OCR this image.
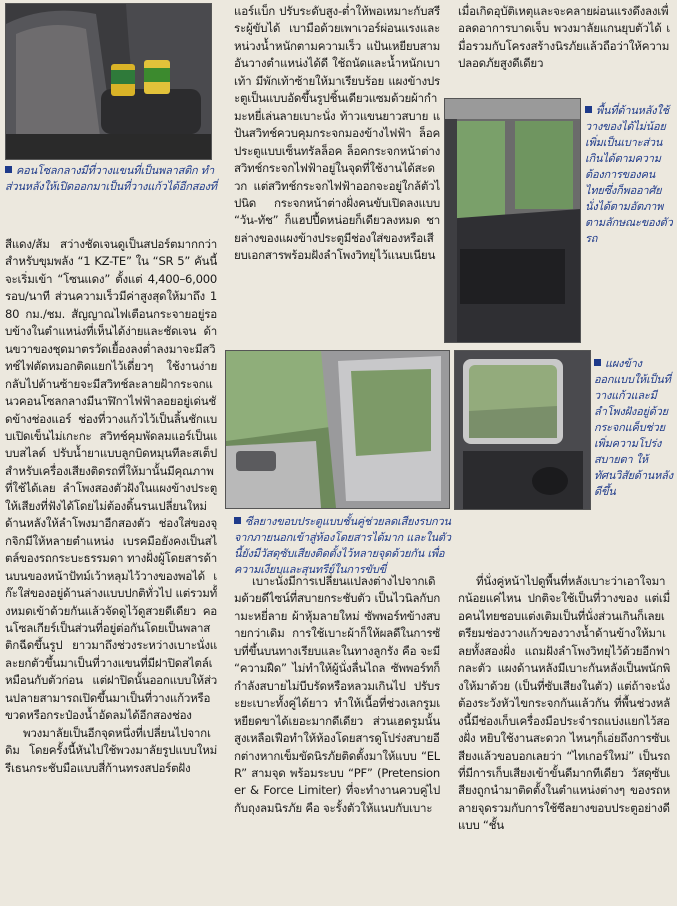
คอนโซลกลางมีที่วางแขนที่เป็นพลาสติก ทำส่วนหลังให้เปิดออกมาเป็นที่วางแก้วได้อีกสองที่
พื้นที่ด้านหลังใช้วางของได้ไม่น้อย เพิ่มเป็นเบาะส่วนเกินได้ตามความต้องการของคนไทยซึ่งก็พออาศัยนั่งได้ตามอัตภาพตามลักษณะของตัวรถ
แผงข้างออกแบบให้เป็นที่วางแก้วและมีลำโพงฝังอยู่ด้วยกระจกแค็บช่วยเพิ่มความโปร่งสบายตา ให้ทัศนวิสัยด้านหลังดีขึ้น
ซีลยางขอบประตูแบบชั้นคู่ช่วยลดเสียงรบกวนจากภายนอกเข้าสู่ห้องโดยสารได้มาก และในตัวนี้ยังมีวัสดุซับเสียงติดตั้งไว้หลายจุดด้วยกัน เพื่อความเงียบและสุนทรีย์ในการขับขี่

สีแดง/ส้ม สว่างชัดเจนดูเป็นสปอร์ตมากกว่า สำหรับขุมพลัง “1 KZ-TE” ใน “SR 5” คันนี้จะเริ่มเข้า “โซนแดง” ตั้งแต่ 4,400–6,000 รอบ/นาที ส่วนความเร็วมีค่าสูงสุดให้มาถึง 180 กม./ชม. สัญญาณไฟเตือนกระจายอยู่รอบข้างในตำแหน่งที่เห็นได้ง่ายและชัดเจน ด้านขวาของชุดมาตรวัดเยื้องลงต่ำลงมาจะมีสวิทช์ไฟตัดหมอกติดแยกไว้เดี่ยวๆ ใช้งานง่าย กลับไปด้านซ้ายจะมีสวิทช์ละลายฝ้ากระจกแนวคอนโซลกลางมีนาฬิกาไฟฟ้าลอยอยู่เด่นชัดข้างช่องแอร์ ช่องที่วางแก้วไว้เป็นลิ้นชักแบบเปิดเข็นไม่เกะกะ สวิทช์คุมพัดลมแอร์เป็นแบบสไลด์ ปรับน้ำยาแบบลูกบิดหมุนทีละสเต็ป สำหรับเครื่องเสียงติดรถที่ให้มานั้นมีคุณภาพที่ใช้ได้เลย ลำโพงสองตัวฝังในแผงข้างประตูให้เสียงที่ฟังได้โดยไม่ต้องดิ้นรนเปลี่ยนใหม่ ด้านหลังให้ลำโพงมาอีกสองตัว ช่องใส่ของจุกจิกมีให้หลายตำแหน่ง เบรคมือยังคงเป็นสไตล์ของรถกระบะธรรมดา ทางฝั่งผู้โดยสารด้านบนของหน้าปัทม์เว้าหลุมไว้วางของพอได้ เก๊ะใส่ของอยู่ด้านล่างแบบปกติทั่วไป แต่รวมทั้งหมดเข้าด้วยกันแล้วจัดดูไว้ดูสวยดีเดียว คอนโซลเกียร์เป็นส่วนที่อยู่ต่อกันโดยเป็นพลาสติกฉีดขึ้นรูป ยาวมาถึงช่วงระหว่างเบาะนั่งและยกตัวขึ้นมาเป็นที่วางแขนที่มีฝาปิดสไตล์เหมือนกับตัวก่อน แต่ฝาปิดนั้นออกแบบให้ส่วนปลายสามารถเปิดขึ้นมาเป็นที่วางแก้วหรือขวดหรือกระป๋องน้ำอัดลมได้อีกสองช่อง

พวงมาลัยเป็นอีกจุดหนึ่งที่เปลี่ยนไปจากเดิม โดยครั้งนี้หันไปใช้พวงมาลัยรูปแบบใหม่รีเธนกระชับมือแบบสี่ก้านทรงสปอร์ตฝัง

แอร์แบ็ก ปรับระดับสูง-ต่ำให้พอเหมาะกับสรีระผู้ขับได้ เบามือด้วยเพาเวอร์ผ่อนแรงและหน่วงน้ำหนักตามความเร็ว แป้นเหยียบสามอันวางตำแหน่งได้ดี ใช้ถนัดและน้ำหนักเบาเท้า มีพักเท้าซ้ายให้มาเรียบร้อย แผงข้างประตูเป็นแบบอัดขึ้นรูปชิ้นเดียวแซมด้วยผ้ากำมะหยี่เล่นลายเบาะนั่ง ท้าวแขนยาวสบาย แป้นสวิทช์ควบคุมกระจกมองข้างไฟฟ้า ล็อคประตูแบบเซ็นทรัลล็อค ล็อคกระจกหน้าต่างสวิทช์กระจกไฟฟ้าอยู่ในจุดที่ใช้งานได้สะดวก แต่สวิทช์กระจกไฟฟ้าออกจะอยู่ใกล้ตัวไปนิด กระจกหน้าต่างฝั่งคนขับเปิดลงแบบ “วัน-ทัช” ก็แฮปปี้ดหน่อยก็เดียวลงหมด ชายล่างของแผงข้างประตูมีช่องใส่ของหรือเสียบเอกสารพร้อมฝังลำโพงวิทยุไว้แนบเนียน

เมื่อเกิดอุบัติเหตุและจะคลายผ่อนแรงดึงลงเพื่อลดอาการบาดเจ็บ พวงมาลัยแกนยุบตัวได้ เมื่อรวมกับโครงสร้างนิรภัยแล้วถือว่าให้ความปลอดภัยสูงดีเดียว

เบาะนั่งมีการเปลี่ยนแปลงต่างไปจากเดิมด้วยดีไซน์ที่สบายกระชับตัว เป็นไวนิลกับกำมะหยี่ลาย ผ้าหุ้มลายใหม่ ซัพพอร์ทข้างสบายกว่าเดิม การใช้เบาะผ้าก็ให้ผลดีในการซับที่ขึ้นบนทางเรียบและในทางลูกรัง คือ จะมี “ความฝืด” ไม่ทำให้ผู้นั่งลื่นไถล ซัพพอร์ทก็กำลังสบายไม่บีบรัดหรือหลวมเกินไป ปรับระยะเบาะทั้งคู่ได้ยาว ทำให้เนื้อที่ช่วงเลกรูมเหยียดขาได้เยอะมากดีเดียว ส่วนเฮดรูมนั้นสูงเหลือเฟือทำให้ห้องโดยสารดูโปร่งสบายอีกต่างหากเข็มขัดนิรภัยติดตั้งมาให้แบบ “ELR” สามจุด พร้อมระบบ “PF” (Pretensioner & Force Limiter) ที่จะทำงานควบคู่ไปกับถุงลมนิรภัย คือ จะรั้งตัวให้แนบกับเบาะ

ที่นั่งคู่หน้าไปดูพื้นที่หลังเบาะว่าเอาใจมากน้อยแค่ไหน ปกติจะใช้เป็นที่วางของ แต่เมื่อคนไทยชอบแต่งเติมเป็นที่นั่งส่วนเกินก็เลยเตรียมช่องวางแก้วของวางน้ำด้านข้างให้มาเลยทั้งสองฝั่ง แถมฝังลำโพงวิทยุไว้ด้วยอีกฟากละตัว แผงด้านหลังมีเบาะกันหลังเป็นพนักพิงให้มาด้วย (เป็นที่ซับเสียงในตัว) แต่ถ้าจะนั่งต้องระวังหัวไขกระจกกันแล้วกัน ที่พื้นช่วงหลังนี้มีช่องเก็บเครื่องมือประจำรถแบ่งแยกไว้สองฝั่ง หยิบใช้งานสะดวก ไหนๆก็เอ่ยถึงการซับเสียงแล้วขอบอกเลยว่า “ไทเกอร์ใหม่” เป็นรถที่มีการเก็บเสียงเข้าขั้นดีมากทีเดียว วัสดุซับเสียงถูกนำมาติดตั้งในตำแหน่งต่างๆ ของรถหลายจุดรวมกับการใช้ซีลยางขอบประตูอย่างดีแบบ “ชั้น
